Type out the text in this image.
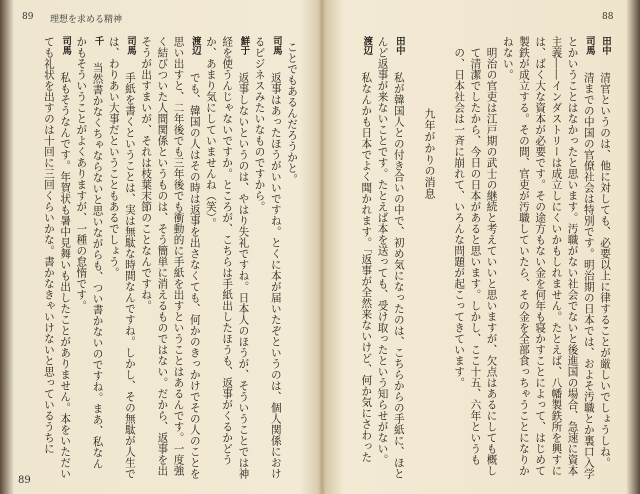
89 理想を求める精神

ことでもあるんだろうかと。

司馬　返事はあったほうがいいですね。とくに本が届いたぞというのは、個人関係におけるビジネスみたいなものですから。

鮮于　返事しないというのは、やはり失礼ですね。日本人のほうが、そういうことでは神経を使うんじゃないですか。ところが、こちらは手紙出したほうも、返事がくるかどうか、あまり気にしていませんね（笑）。

渡辺　でも、韓国の人はその時は返事を出さなくても、何かのきっかけでその人のことを思い出すと、二年後でも三年後でも衝動的に手紙を出すということはあるんです。一度強く結びついた人間関係というものは、そう簡単に消えるものではない。だから、返事を出そうが出すまいが、それは枝葉末節のことなんですね。

司馬　手紙を書くということは、実は無駄な時間なんですね。しかし、その無駄が人生では、わりあい大事だということもあるでしょう。

千　当然書かなくちゃならないと思いながらも、つい書かないのですね。まあ、私なんかもそういうことがよくありますが、一種の怠惰です。

司馬　私もそうなんです。年賀状も暑中見舞いも出したことがありません。本をいただいても礼状を出すのは十回に三回くらいかな。書かなきゃいけないと思っているうちに

89
88

田中　清官というのは、他に対しても、必要以上に律することが厳しいでしょうしね。

司馬　清までの中国の官僚社会は特別です。明治期の日本では、およそ汚職とか裏口入学とかいうことはなかったと思います。汚職がない社会でないと後進国の場合、急速に資本主義――インダストリーは成立しにくいかもしれません。たとえば、八幡製鉄所を興すには、ばく大な資本が必要です。その途方もない金を何年も寝かすことによって、はじめて製鉄が成立する。その間、官吏が汚職していたら、その金を全部食っちゃうことになりかねない。

明治の官吏は江戸期の武士の継続と考えていいと思いますが、欠点はあるにしても概して清潔でしたから、今日の日本があると思います。しかし、ここ十五、六年というもの、日本社会は一斉に崩れて、いろんな問題が起こってきています。

九年がかりの消息

田中　私が韓国人との付き合いの中で、初め気になったのは、こちらからの手紙に、ほとんど返事が来ないことです。たとえば本を送っても、受け取ったという知らせがない。

渡辺　私なんかも日本でよく聞かれます。「返事が全然来ないけど、何か気にさわった
